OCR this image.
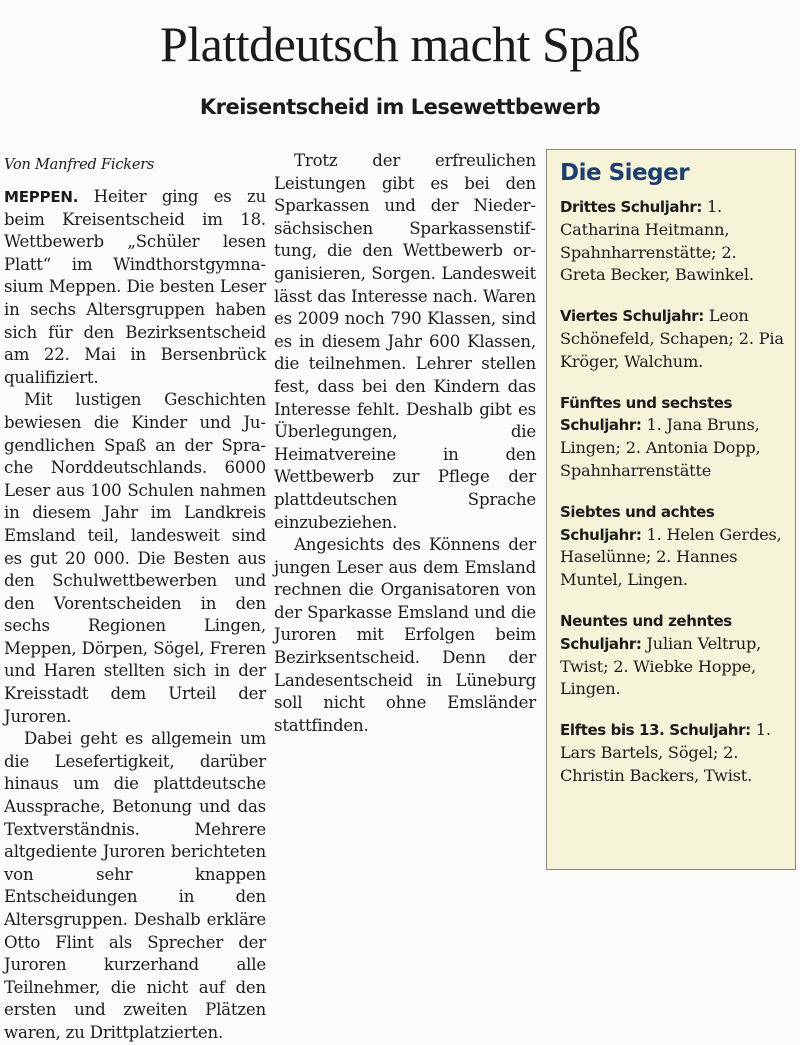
Plattdeutsch macht Spaß
Kreisentscheid im Lesewettbewerb
Von Manfred Fickers

MEPPEN. Heiter ging es zu beim Kreisentscheid im 18. Wettbewerb „Schüler lesen Platt“ im Windthorstgymnasium Meppen. Die besten Leser in sechs Altersgruppen haben sich für den Bezirksentscheid am 22. Mai in Bersenbrück qualifiziert.

Mit lustigen Geschichten bewiesen die Kinder und Jugendlichen Spaß an der Sprache Norddeutschlands. 6000 Leser aus 100 Schulen nahmen in diesem Jahr im Landkreis Emsland teil, landesweit sind es gut 20 000. Die Besten aus den Schulwettbewerben und den Vorentscheiden in den sechs Regionen Lingen, Meppen, Dörpen, Sögel, Freren und Haren stellten sich in der Kreisstadt dem Urteil der Juroren.

Dabei geht es allgemein um die Lesefertigkeit, darüber hinaus um die plattdeutsche Aussprache, Betonung und das Textverständnis. Mehrere altgediente Juroren berichteten von sehr knappen Entscheidungen in den Altersgruppen. Deshalb erkläre Otto Flint als Sprecher der Juroren kurzerhand alle Teilnehmer, die nicht auf den ersten und zweiten Plätzen waren, zu Drittplatzierten.

Trotz der erfreulichen Leistungen gibt es bei den Sparkassen und der Niedersächsischen Sparkassenstiftung, die den Wettbewerb organisieren, Sorgen. Landesweit lässt das Interesse nach. Waren es 2009 noch 790 Klassen, sind es in diesem Jahr 600 Klassen, die teilnehmen. Lehrer stellen fest, dass bei den Kindern das Interesse fehlt. Deshalb gibt es Überlegungen, die Heimatvereine in den Wettbewerb zur Pflege der plattdeutschen Sprache einzubeziehen.

Angesichts des Könnens der jungen Leser aus dem Emsland rechnen die Organisatoren von der Sparkasse Emsland und die Juroren mit Erfolgen beim Bezirksentscheid. Denn der Landesentscheid in Lüneburg soll nicht ohne Emsländer stattfinden.

Die Sieger

Drittes Schuljahr: 1. Catharina Heitmann, Spahnharrenstätte; 2. Greta Becker, Bawinkel.

Viertes Schuljahr: Leon Schönefeld, Schapen; 2. Pia Kröger, Walchum.

Fünftes und sechstes Schuljahr: 1. Jana Bruns, Lingen; 2. Antonia Dopp, Spahnharrenstätte

Siebtes und achtes Schuljahr: 1. Helen Gerdes, Haselünne; 2. Hannes Muntel, Lingen.

Neuntes und zehntes Schuljahr: Julian Veltrup, Twist; 2. Wiebke Hoppe, Lingen.

Elftes bis 13. Schuljahr: 1. Lars Bartels, Sögel; 2. Christin Backers, Twist.
